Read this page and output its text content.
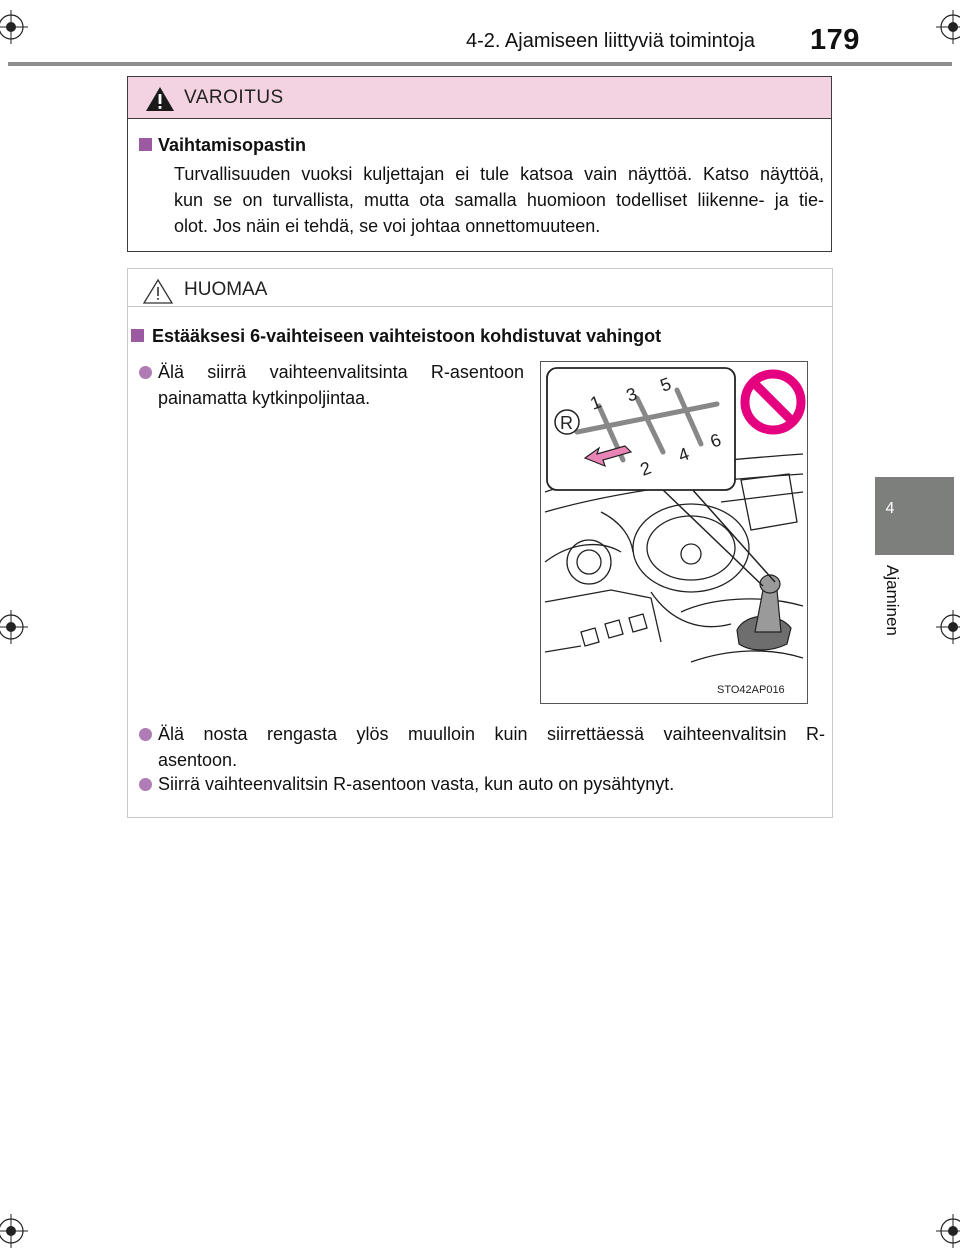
4-2. Ajamiseen liittyviä toimintoja 179
4
Ajaminen
VAROITUS
Vaihtamisopastin
Turvallisuuden vuoksi kuljettajan ei tule katsoa vain näyttöä. Katso näyttöä,
kun se on turvallista, mutta ota samalla huomioon todelliset liikenne- ja tie-
olot. Jos näin ei tehdä, se voi johtaa onnettomuuteen.
HUOMAA
Estääksesi 6-vaihteiseen vaihteistoon kohdistuvat vahingot
Älä siirrä vaihteenvalitsinta R-asentoon
painamatta kytkinpoljintaa.
Älä nosta rengasta ylös muulloin kuin siirrettäessä vaihteenvalitsin R-
asentoon.
Siirrä vaihteenvalitsin R-asentoon vasta, kun auto on pysähtynyt.
R
1
2
3
4
5
6
STO42AP016
